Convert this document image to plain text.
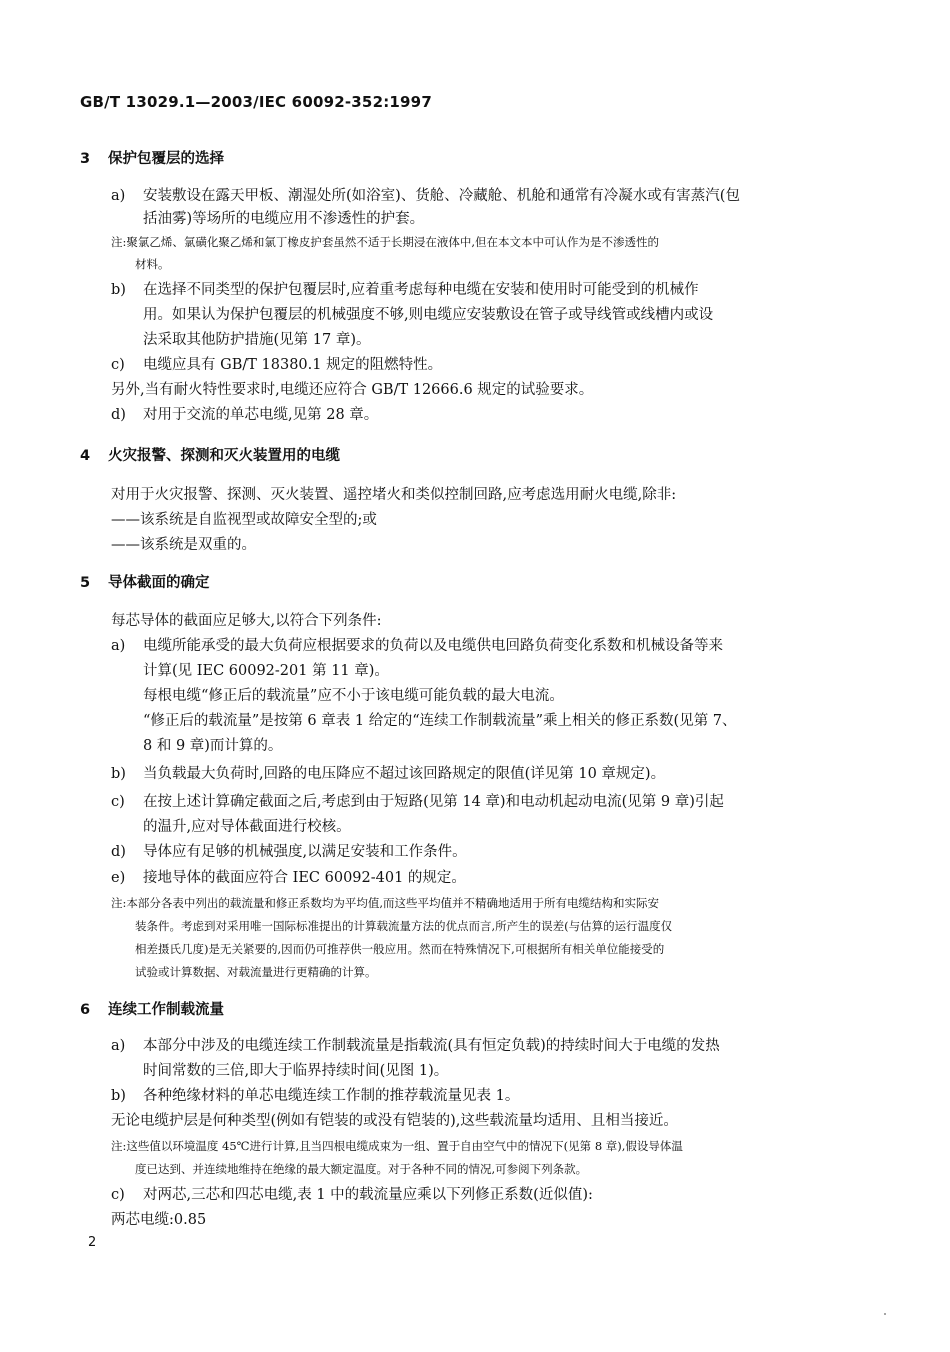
GB/T 13029.1—2003/IEC 60092-352:1997
3 保护包覆层的选择
a) 安装敷设在露天甲板、潮湿处所(如浴室)、货舱、冷藏舱、机舱和通常有冷凝水或有害蒸汽(包
括油雾)等场所的电缆应用不渗透性的护套。
注:聚氯乙烯、氯磺化聚乙烯和氯丁橡皮护套虽然不适于长期浸在液体中,但在本文本中可认作为是不渗透性的
材料。
b) 在选择不同类型的保护包覆层时,应着重考虑每种电缆在安装和使用时可能受到的机械作
用。如果认为保护包覆层的机械强度不够,则电缆应安装敷设在管子或导线管或线槽内或设
法采取其他防护措施(见第 17 章)。
c) 电缆应具有 GB/T 18380.1 规定的阻燃特性。
另外,当有耐火特性要求时,电缆还应符合 GB/T 12666.6 规定的试验要求。
d) 对用于交流的单芯电缆,见第 28 章。
4 火灾报警、探测和灭火装置用的电缆
对用于火灾报警、探测、灭火装置、遥控堵火和类似控制回路,应考虑选用耐火电缆,除非:
——该系统是自监视型或故障安全型的;或
——该系统是双重的。
5 导体截面的确定
每芯导体的截面应足够大,以符合下列条件:
a) 电缆所能承受的最大负荷应根据要求的负荷以及电缆供电回路负荷变化系数和机械设备等来
计算(见 IEC 60092-201 第 11 章)。
每根电缆“修正后的载流量”应不小于该电缆可能负载的最大电流。
“修正后的载流量”是按第 6 章表 1 给定的“连续工作制载流量”乘上相关的修正系数(见第 7、
8 和 9 章)而计算的。
b) 当负载最大负荷时,回路的电压降应不超过该回路规定的限值(详见第 10 章规定)。
c) 在按上述计算确定截面之后,考虑到由于短路(见第 14 章)和电动机起动电流(见第 9 章)引起
的温升,应对导体截面进行校核。
d) 导体应有足够的机械强度,以满足安装和工作条件。
e) 接地导体的截面应符合 IEC 60092-401 的规定。
注:本部分各表中列出的载流量和修正系数均为平均值,而这些平均值并不精确地适用于所有电缆结构和实际安
装条件。考虑到对采用唯一国际标准提出的计算载流量方法的优点而言,所产生的误差(与估算的运行温度仅
相差摄氏几度)是无关紧要的,因而仍可推荐供一般应用。然而在特殊情况下,可根据所有相关单位能接受的
试验或计算数据、对载流量进行更精确的计算。
6 连续工作制载流量
a) 本部分中涉及的电缆连续工作制载流量是指载流(具有恒定负载)的持续时间大于电缆的发热
时间常数的三倍,即大于临界持续时间(见图 1)。
b) 各种绝缘材料的单芯电缆连续工作制的推荐载流量见表 1。
无论电缆护层是何种类型(例如有铠装的或没有铠装的),这些载流量均适用、且相当接近。
注:这些值以环境温度 45℃进行计算,且当四根电缆成束为一组、置于自由空气中的情况下(见第 8 章),假设导体温
度已达到、并连续地维持在绝缘的最大额定温度。对于各种不同的情况,可参阅下列条款。
c) 对两芯,三芯和四芯电缆,表 1 中的载流量应乘以下列修正系数(近似值):
两芯电缆:0.85
2
